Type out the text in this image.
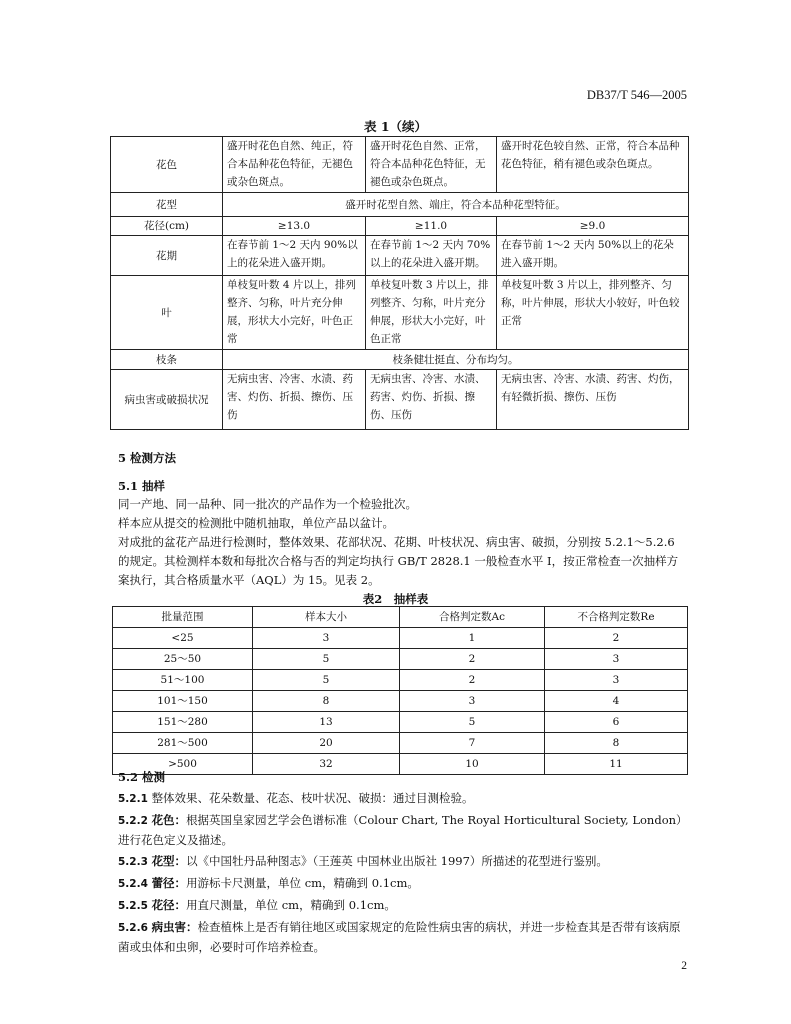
DB37/T 546—2005
表 1（续）
花色	盛开时花色自然、纯正，符合本品种花色特征，无褪色或杂色斑点。	盛开时花色自然、正常，符合本品种花色特征，无褪色或杂色斑点。	盛开时花色较自然、正常，符合本品种花色特征，稍有褪色或杂色斑点。
花型	盛开时花型自然、端庄，符合本品种花型特征。		
花径(cm)	≥13.0	≥11.0	≥9.0
花期	在春节前 1～2 天内 90%以上的花朵进入盛开期。	在春节前 1～2 天内 70%以上的花朵进入盛开期。	在春节前 1～2 天内 50%以上的花朵进入盛开期。
叶	单枝复叶数 4 片以上，排列整齐、匀称，叶片充分伸展，形状大小完好，叶色正常	单枝复叶数 3 片以上，排列整齐、匀称，叶片充分伸展，形状大小完好，叶色正常	单枝复叶数 3 片以上，排列整齐、匀称，叶片伸展，形状大小较好，叶色较正常
枝条	枝条健壮挺直、分布均匀。		
病虫害或破损状况	无病虫害、冷害、水渍、药害、灼伤、折损、擦伤、压伤	无病虫害、冷害、水渍、药害、灼伤、折损、擦伤、压伤	无病虫害、冷害、水渍、药害、灼伤，有轻微折损、擦伤、压伤
5 检测方法
5.1 抽样
同一产地、同一品种、同一批次的产品作为一个检验批次。
样本应从提交的检测批中随机抽取，单位产品以盆计。
对成批的盆花产品进行检测时，整体效果、花部状况、花期、叶枝状况、病虫害、破损，分别按 5.2.1～5.2.6 的规定。其检测样本数和每批次合格与否的判定均执行 GB/T 2828.1 一般检查水平 I，按正常检查一次抽样方案执行，其合格质量水平（AQL）为 15。见表 2。
表2　抽样表
批量范围	样本大小	合格判定数Ac	不合格判定数Re
<25	3	1	2
25～50	5	2	3
51～100	5	2	3
101～150	8	3	4
151～280	13	5	6
281～500	20	7	8
>500	32	10	11
5.2 检测
5.2.1 整体效果、花朵数量、花态、枝叶状况、破损：通过目测检验。
5.2.2 花色：根据英国皇家园艺学会色谱标准（Colour Chart, The Royal Horticultural Society, London）进行花色定义及描述。
5.2.3 花型：以《中国牡丹品种图志》（王莲英 中国林业出版社 1997）所描述的花型进行鉴别。
5.2.4 蕾径：用游标卡尺测量，单位 cm，精确到 0.1cm。
5.2.5 花径：用直尺测量，单位 cm，精确到 0.1cm。
5.2.6 病虫害：检查植株上是否有销往地区或国家规定的危险性病虫害的病状，并进一步检查其是否带有该病原菌或虫体和虫卵，必要时可作培养检查。
2
